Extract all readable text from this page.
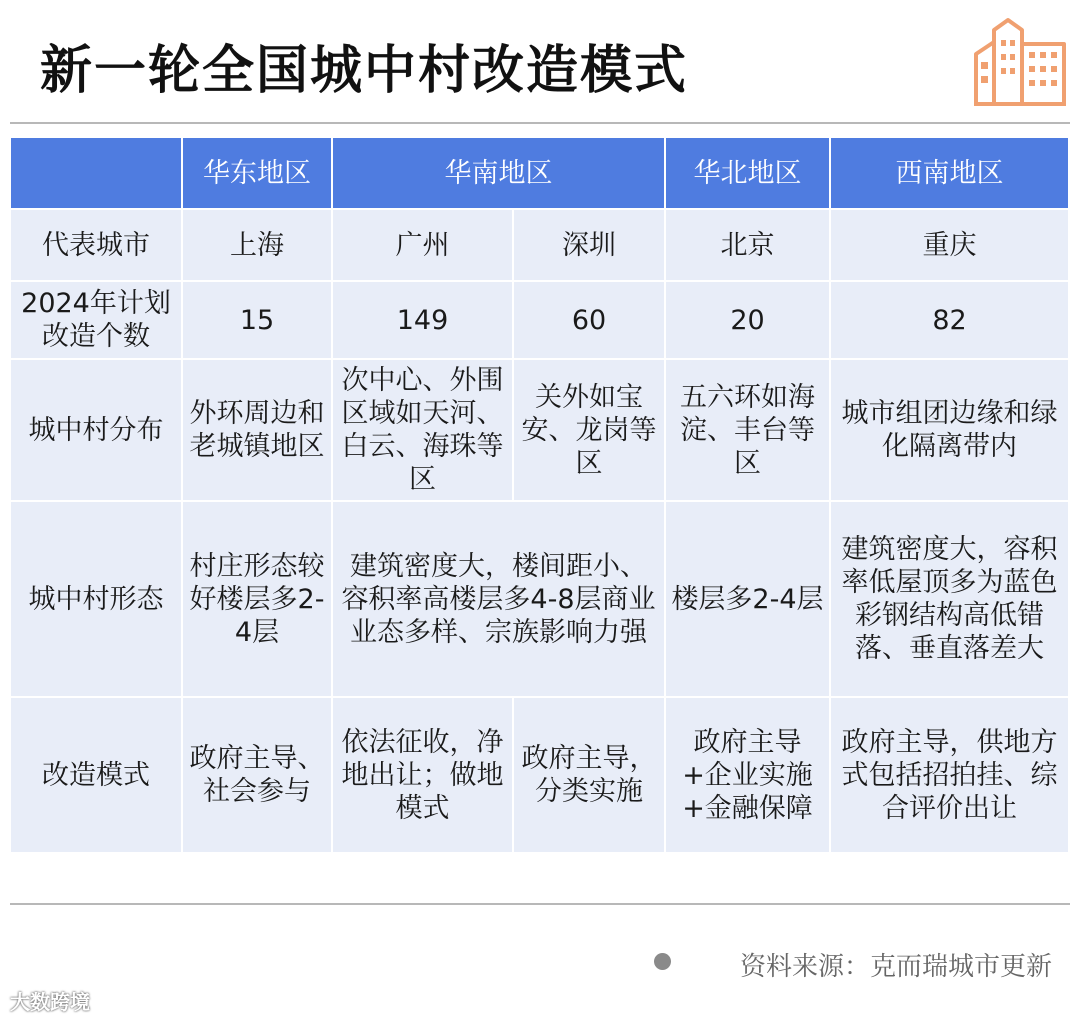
新一轮全国城中村改造模式
	华东地区	华南地区		华北地区	西南地区
代表城市	上海	广州	深圳	北京	重庆
2024年计划改造个数	15	149	60	20	82
城中村分布	外环周边和老城镇地区	次中心、外围区域如天河、白云、海珠等区	关外如宝安、龙岗等区	五六环如海淀、丰台等区	城市组团边缘和绿化隔离带内
城中村形态	村庄形态较好楼层多2-4层	建筑密度大，楼间距小、容积率高楼层多4-8层商业业态多样、宗族影响力强		楼层多2-4层	建筑密度大，容积率低屋顶多为蓝色彩钢结构高低错落、垂直落差大
改造模式	政府主导、社会参与	依法征收，净地出让；做地模式	政府主导，分类实施	政府主导+企业实施+金融保障	政府主导，供地方式包括招拍挂、综合评价出让
资料来源：克而瑞城市更新
大数跨境
